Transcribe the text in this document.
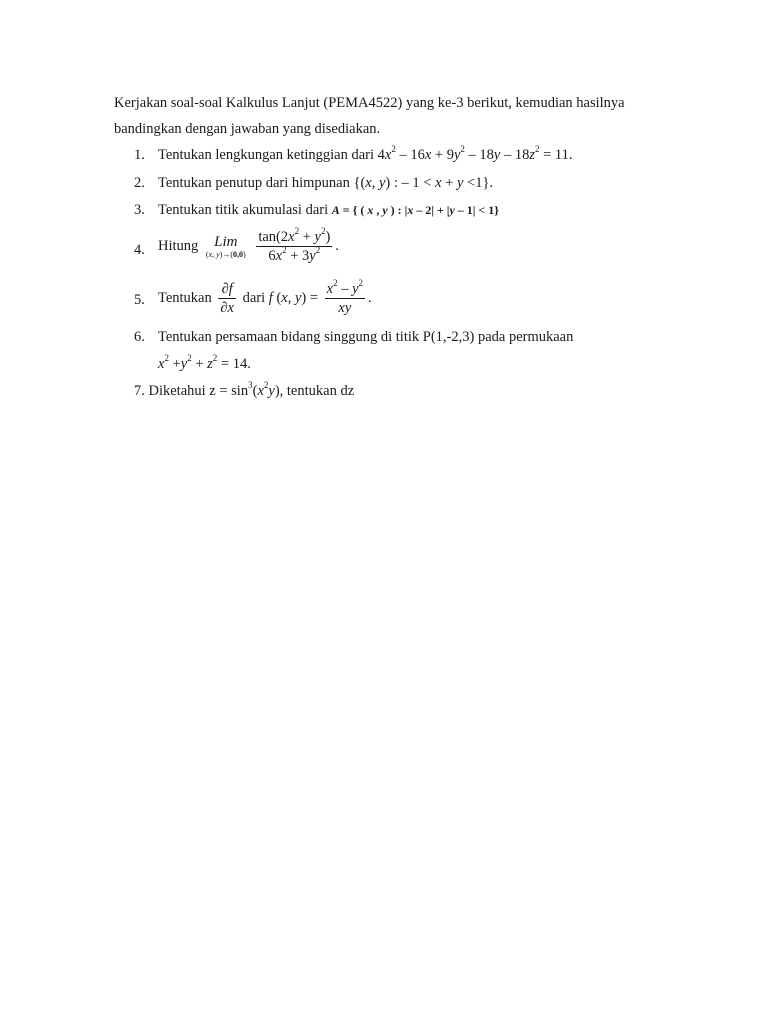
Kerjakan soal-soal Kalkulus Lanjut (PEMA4522) yang ke-3 berikut, kemudian hasilnya
bandingkan dengan jawaban yang disediakan.
1. Tentukan lengkungan ketinggian dari $4x^2 - 16x + 9y^2 - 18y - 18z^2 = 11$.
2. Tentukan penutup dari himpunan {(x, y) : – 1 < x + y <1}.
3. Tentukan titik akumulasi dari A = { ( x , y ) : |x – 2| + |y – 1| < 1}
4. Hitung	Lim
(x, y)→(0,0)
$\frac{\tan(2x^2 + y^2)}{6x^2 + 3y^2}$ .
5. Tentukan $\frac{\partial f}{\partial x}$ dari f (x, $y) = \frac{x^2 - y^2}{xy}$ .
6. Tentukan persamaan bidang singgung di titik P(1,-2,3) pada permukaan
$x^2 +y^2 + z^2 = 14$.
7. Diketahui $z = \sin^3(x^2y)$, tentukan dz
